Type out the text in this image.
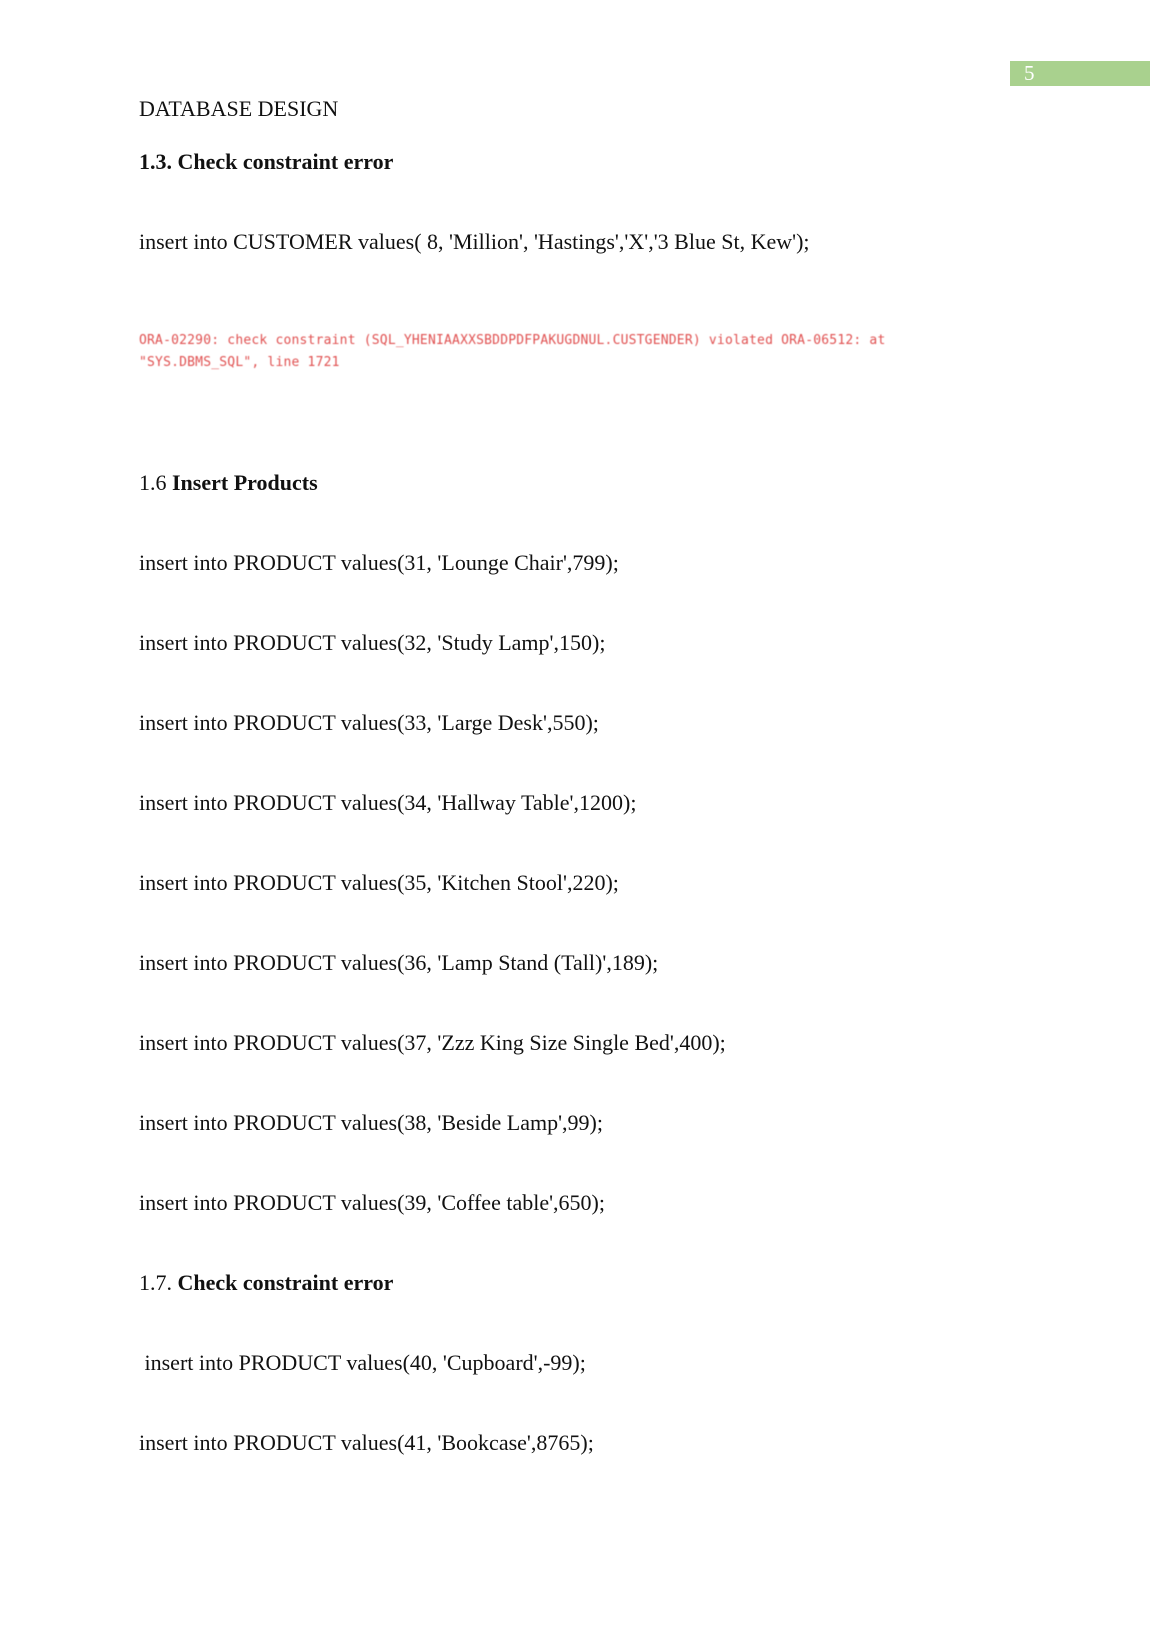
5
DATABASE DESIGN
1.3. Check constraint error
insert into CUSTOMER values( 8, 'Million', 'Hastings','X','3 Blue St, Kew');
ORA-02290: check constraint (SQL_YHENIAAXXSBDDPDFPAKUGDNUL.CUSTGENDER) violated ORA-06512: at
"SYS.DBMS_SQL", line 1721
1.6 Insert Products
insert into PRODUCT values(31, 'Lounge Chair',799);
insert into PRODUCT values(32, 'Study Lamp',150);
insert into PRODUCT values(33, 'Large Desk',550);
insert into PRODUCT values(34, 'Hallway Table',1200);
insert into PRODUCT values(35, 'Kitchen Stool',220);
insert into PRODUCT values(36, 'Lamp Stand (Tall)',189);
insert into PRODUCT values(37, 'Zzz King Size Single Bed',400);
insert into PRODUCT values(38, 'Beside Lamp',99);
insert into PRODUCT values(39, 'Coffee table',650);
1.7. Check constraint error
insert into PRODUCT values(40, 'Cupboard',-99);
insert into PRODUCT values(41, 'Bookcase',8765);
